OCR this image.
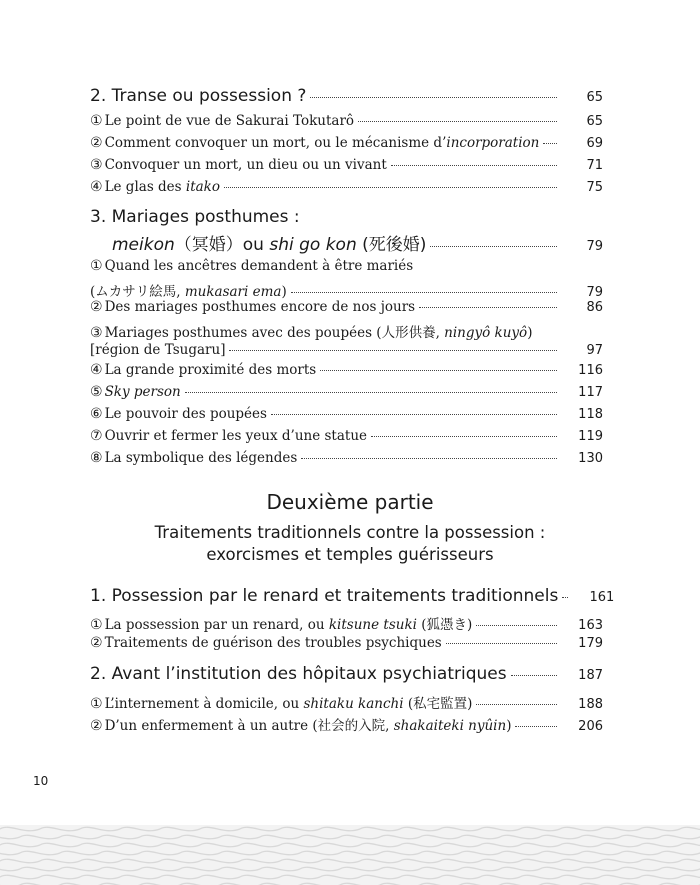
2. Transe ou possession ?	65
① Le point de vue de Sakurai Tokutarô	65
② Comment convoquer un mort, ou le mécanisme d’incorporation	69
③ Convoquer un mort, un dieu ou un vivant	71
④ Le glas des itako	75
3. Mariages posthumes :
meikon（冥婚）ou shi go kon (死後婚)	79
① Quand les ancêtres demandent à être mariés
(ムカサリ絵馬, mukasari ema)	79
② Des mariages posthumes encore de nos jours	86
③ Mariages posthumes avec des poupées (人形供養, ningyô kuyô)
[région de Tsugaru]	97
④ La grande proximité des morts	116
⑤ Sky person	117
⑥ Le pouvoir des poupées	118
⑦ Ouvrir et fermer les yeux d’une statue	119
⑧ La symbolique des légendes	130
1. Possession par le renard et traitements traditionnels	161
① La possession par un renard, ou kitsune tsuki (狐憑き)	163
② Traitements de guérison des troubles psychiques	179
2. Avant l’institution des hôpitaux psychiatriques	187
① L’internement à domicile, ou shitaku kanchi (私宅監置)	188
② D’un enfermement à un autre (社会的入院, shakaiteki nyûin)	206
Deuxième partie
Traitements traditionnels contre la possession :
exorcismes et temples guérisseurs
10
